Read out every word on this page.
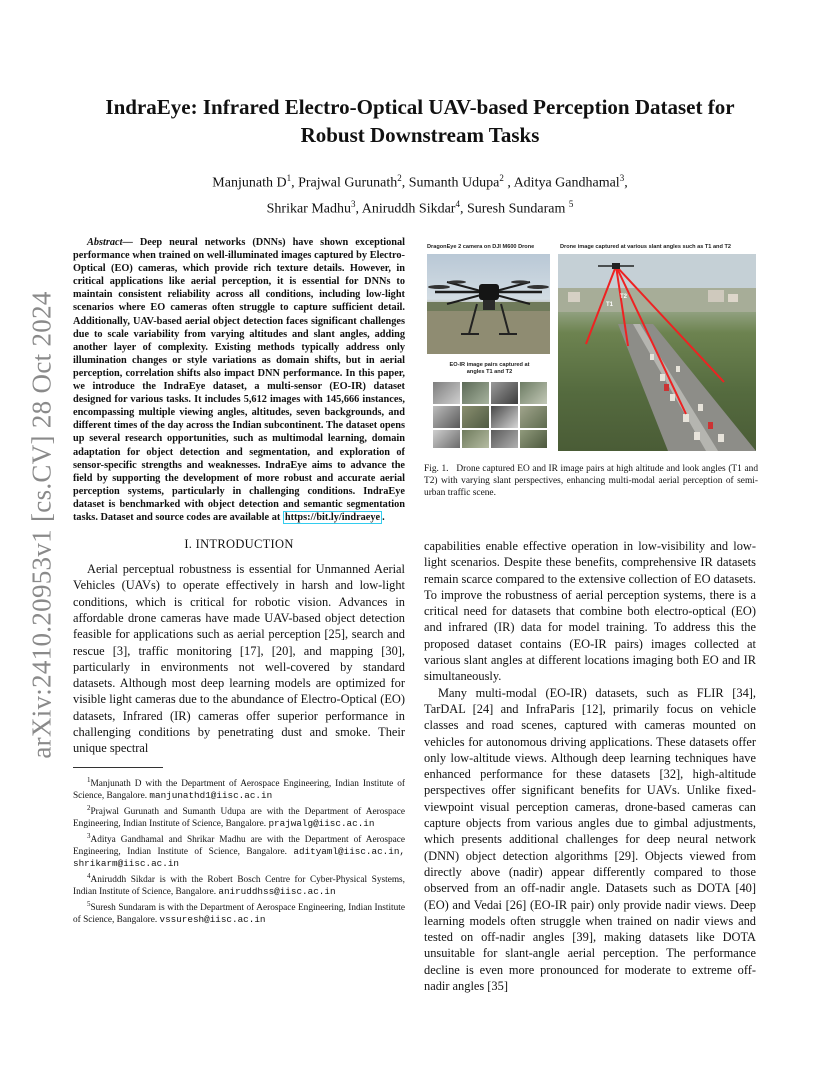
arXiv:2410.20953v1 [cs.CV] 28 Oct 2024
IndraEye: Infrared Electro-Optical UAV-based Perception Dataset for
Robust Downstream Tasks
Manjunath $D^1$, Prajwal Gurunath$^2$, Sumanth Udupa$^2$ , Aditya Gandhamal$^3$,
Shrikar Madhu$^3$, Aniruddh Sikdar$^4$, Suresh Sundaram $^5$

Abstract— Deep neural networks (DNNs) have shown exceptional performance when trained on well-illuminated images captured by Electro-Optical (EO) cameras, which provide rich texture details. However, in critical applications like aerial perception, it is essential for DNNs to maintain consistent reliability across all conditions, including low-light scenarios where EO cameras often struggle to capture sufficient detail. Additionally, UAV-based aerial object detection faces significant challenges due to scale variability from varying altitudes and slant angles, adding another layer of complexity. Existing methods typically address only illumination changes or style variations as domain shifts, but in aerial perception, correlation shifts also impact DNN performance. In this paper, we introduce the IndraEye dataset, a multi-sensor (EO-IR) dataset designed for various tasks. It includes 5,612 images with 145,666 instances, encompassing multiple viewing angles, altitudes, seven backgrounds, and different times of the day across the Indian subcontinent. The dataset opens up several research opportunities, such as multimodal learning, domain adaptation for object detection and segmentation, and exploration of sensor-specific strengths and weaknesses. IndraEye aims to advance the field by supporting the development of more robust and accurate aerial perception systems, particularly in challenging conditions. IndraEye dataset is benchmarked with object detection and semantic segmentation tasks. Dataset and source codes are available at https://bit.ly/indraeye .

I. INTRODUCTION

Aerial perceptual robustness is essential for Unmanned Aerial Vehicles (UAVs) to operate effectively in harsh and low-light conditions, which is critical for robotic vision. Advances in affordable drone cameras have made UAV-based object detection feasible for applications such as aerial perception [25], search and rescue [3], traffic monitoring [17], [20], and mapping [30], particularly in environments not well-covered by standard datasets. Although most deep learning models are optimized for visible light cameras due to the abundance of Electro-Optical (EO) datasets, Infrared (IR) cameras offer superior performance in challenging conditions by penetrating dust and smoke. Their unique spectral

$^1$Manjunath D with the Department of Aerospace Engineering, Indian Institute of Science, Bangalore. manjunathd1@iisc.ac.in

$^2$Prajwal Gurunath and Sumanth Udupa are with the Department of Aerospace Engineering, Indian Institute of Science, Bangalore. prajwalg@iisc.ac.in

$^3$Aditya Gandhamal and Shrikar Madhu are with the Department of Aerospace Engineering, Indian Institute of Science, Bangalore. adityaml@iisc.ac.in, shrikarm@iisc.ac.in

$^4$Aniruddh Sikdar is with the Robert Bosch Centre for Cyber-Physical Systems, Indian Institute of Science, Bangalore. aniruddhss@iisc.ac.in

$^5$Suresh Sundaram is with the Department of Aerospace Engineering, Indian Institute of Science, Bangalore. vssuresh@iisc.ac.in

DragonEye 2 camera on DJI M600 Drone	Drone image captured at various slant angles such as T1 and T2
EO-IR image pairs captured at
angles T1 and T2
T1
T2
Fig. 1. Drone captured EO and IR image pairs at high altitude and look angles (T1 and T2) with varying slant perspectives, enhancing multi-modal aerial perception of semi-urban traffic scene.

capabilities enable effective operation in low-visibility and low-light scenarios. Despite these benefits, comprehensive IR datasets remain scarce compared to the extensive collection of EO datasets. To improve the robustness of aerial perception systems, there is a critical need for datasets that combine both electro-optical (EO) and infrared (IR) data for model training. To address this the proposed dataset contains (EO-IR pairs) images collected at various slant angles at different locations imaging both EO and IR simultaneously.

Many multi-modal (EO-IR) datasets, such as FLIR [34], TarDAL [24] and InfraParis [12], primarily focus on vehicle classes and road scenes, captured with cameras mounted on vehicles for autonomous driving applications. These datasets offer only low-altitude views. Although deep learning techniques have enhanced performance for these datasets [32], high-altitude perspectives offer significant benefits for UAVs. Unlike fixed-viewpoint visual perception cameras, drone-based cameras can capture objects from various angles due to gimbal adjustments, which presents additional challenges for deep neural network (DNN) object detection algorithms [29]. Objects viewed from directly above (nadir) appear differently compared to those observed from an off-nadir angle. Datasets such as DOTA [40] (EO) and Vedai [26] (EO-IR pair) only provide nadir views. Deep learning models often struggle when trained on nadir views and tested on off-nadir angles [39], making datasets like DOTA unsuitable for slant-angle aerial perception. The performance decline is even more pronounced for moderate to extreme off-nadir angles [35]
